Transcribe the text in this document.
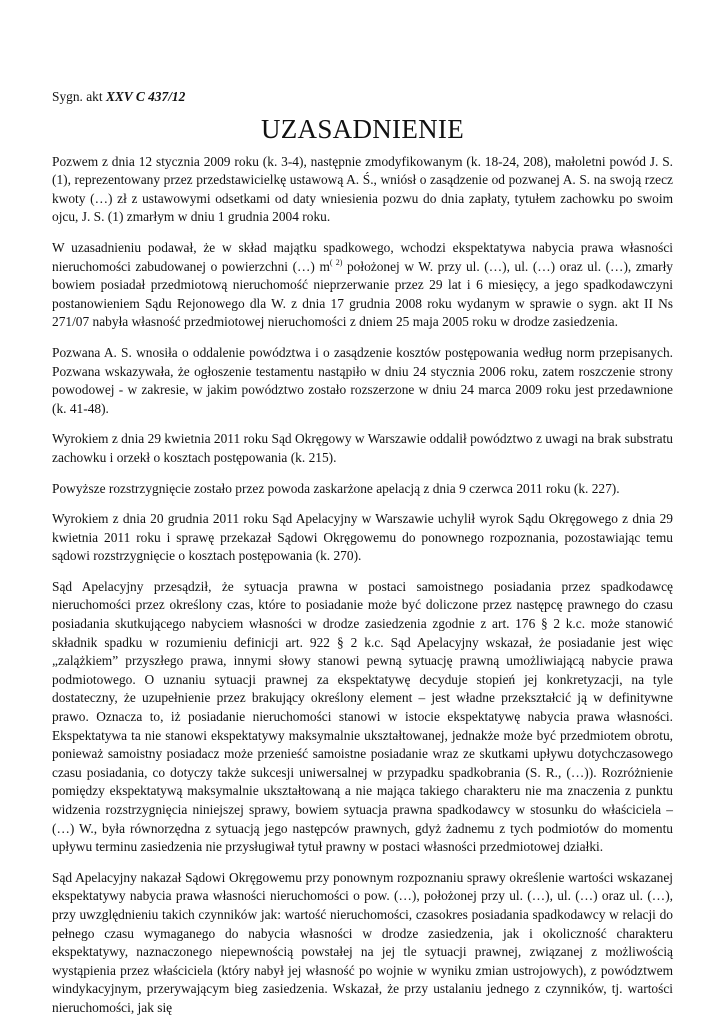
Sygn. akt XXV C 437/12
UZASADNIENIE

Pozwem z dnia 12 stycznia 2009 roku (k. 3-4), następnie zmodyfikowanym (k. 18-24, 208), małoletni powód J. S. (1), reprezentowany przez przedstawicielkę ustawową A. Ś., wniósł o zasądzenie od pozwanej A. S. na swoją rzecz kwoty (…) zł z ustawowymi odsetkami od daty wniesienia pozwu do dnia zapłaty, tytułem zachowku po swoim ojcu, J. S. (1) zmarłym w dniu 1 grudnia 2004 roku.

W uzasadnieniu podawał, że w skład majątku spadkowego, wchodzi ekspektatywa nabycia prawa własności nieruchomości zabudowanej o powierzchni (…) $m^{( 2)}$ położonej w W. przy ul. (…), ul. (…) oraz ul. (…), zmarły bowiem posiadał przedmiotową nieruchomość nieprzerwanie przez 29 lat i 6 miesięcy, a jego spadkodawczyni postanowieniem Sądu Rejonowego dla W. z dnia 17 grudnia 2008 roku wydanym w sprawie o sygn. akt II Ns 271/07 nabyła własność przedmiotowej nieruchomości z dniem 25 maja 2005 roku w drodze zasiedzenia.

Pozwana A. S. wnosiła o oddalenie powództwa i o zasądzenie kosztów postępowania według norm przepisanych. Pozwana wskazywała, że ogłoszenie testamentu nastąpiło w dniu 24 stycznia 2006 roku, zatem roszczenie strony powodowej - w zakresie, w jakim powództwo zostało rozszerzone w dniu 24 marca 2009 roku jest przedawnione (k. 41-48).

Wyrokiem z dnia 29 kwietnia 2011 roku Sąd Okręgowy w Warszawie oddalił powództwo z uwagi na brak substratu zachowku i orzekł o kosztach postępowania (k. 215).

Powyższe rozstrzygnięcie zostało przez powoda zaskarżone apelacją z dnia 9 czerwca 2011 roku (k. 227).

Wyrokiem z dnia 20 grudnia 2011 roku Sąd Apelacyjny w Warszawie uchylił wyrok Sądu Okręgowego z dnia 29 kwietnia 2011 roku i sprawę przekazał Sądowi Okręgowemu do ponownego rozpoznania, pozostawiając temu sądowi rozstrzygnięcie o kosztach postępowania (k. 270).

Sąd Apelacyjny przesądził, że sytuacja prawna w postaci samoistnego posiadania przez spadkodawcę nieruchomości przez określony czas, które to posiadanie może być doliczone przez następcę prawnego do czasu posiadania skutkującego nabyciem własności w drodze zasiedzenia zgodnie z art. 176 § 2 k.c. może stanowić składnik spadku w rozumieniu definicji art. 922 § 2 k.c. Sąd Apelacyjny wskazał, że posiadanie jest więc „zalążkiem” przyszłego prawa, innymi słowy stanowi pewną sytuację prawną umożliwiającą nabycie prawa podmiotowego. O uznaniu sytuacji prawnej za ekspektatywę decyduje stopień jej konkretyzacji, na tyle dostateczny, że uzupełnienie przez brakujący określony element – jest władne przekształcić ją w definitywne prawo. Oznacza to, iż posiadanie nieruchomości stanowi w istocie ekspektatywę nabycia prawa własności. Ekspektatywa ta nie stanowi ekspektatywy maksymalnie ukształtowanej, jednakże może być przedmiotem obrotu, ponieważ samoistny posiadacz może przenieść samoistne posiadanie wraz ze skutkami upływu dotychczasowego czasu posiadania, co dotyczy także sukcesji uniwersalnej w przypadku spadkobrania (S. R., (…)). Rozróżnienie pomiędzy ekspektatywą maksymalnie ukształtowaną a nie mająca takiego charakteru nie ma znaczenia z punktu widzenia rozstrzygnięcia niniejszej sprawy, bowiem sytuacja prawna spadkodawcy w stosunku do właściciela – (…) W., była równorzędna z sytuacją jego następców prawnych, gdyż żadnemu z tych podmiotów do momentu upływu terminu zasiedzenia nie przysługiwał tytuł prawny w postaci własności przedmiotowej działki.

Sąd Apelacyjny nakazał Sądowi Okręgowemu przy ponownym rozpoznaniu sprawy określenie wartości wskazanej ekspektatywy nabycia prawa własności nieruchomości o pow. (…), położonej przy ul. (…), ul. (…) oraz ul. (…), przy uwzględnieniu takich czynników jak: wartość nieruchomości, czasokres posiadania spadkodawcy w relacji do pełnego czasu wymaganego do nabycia własności w drodze zasiedzenia, jak i okoliczność charakteru ekspektatywy, naznaczonego niepewnością powstałej na jej tle sytuacji prawnej, związanej z możliwością wystąpienia przez właściciela (który nabył jej własność po wojnie w wyniku zmian ustrojowych), z powództwem windykacyjnym, przerywającym bieg zasiedzenia. Wskazał, że przy ustalaniu jednego z czynników, tj. wartości nieruchomości, jak się
